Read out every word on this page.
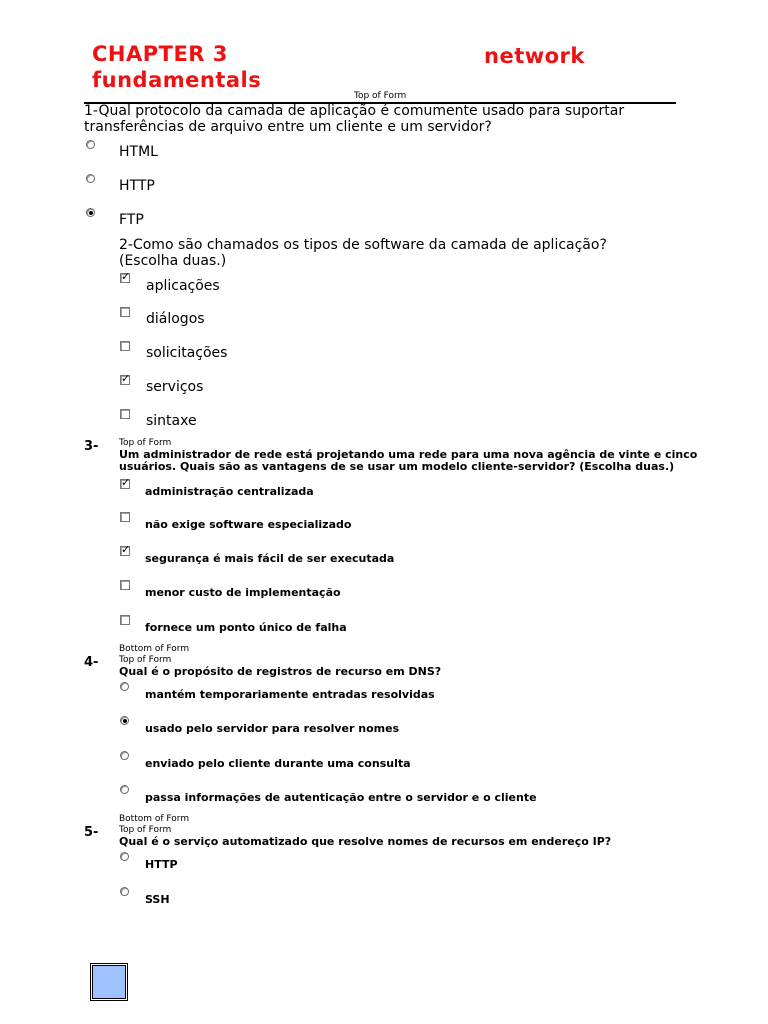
CHAPTER 3	network
fundamentals
Top of Form
1-Qual protocolo da camada de aplicação é comumente usado para suportar transferências de arquivo entre um cliente e um servidor?
HTML
HTTP
FTP
2-Como são chamados os tipos de software da camada de aplicação? (Escolha duas.)
✓
aplicações
diálogos
solicitações
✓
serviços
sintaxe
3- Top of Form
Um administrador de rede está projetando uma rede para uma nova agência de vinte e cinco
usuários. Quais são as vantagens de se usar um modelo cliente-servidor? (Escolha duas.)
✓
administração centralizada
não exige software especializado
✓
segurança é mais fácil de ser executada
menor custo de implementação
fornece um ponto único de falha
Bottom of Form
4- Top of Form
Qual é o propósito de registros de recurso em DNS?
mantém temporariamente entradas resolvidas
usado pelo servidor para resolver nomes
enviado pelo cliente durante uma consulta
passa informações de autenticação entre o servidor e o cliente
Bottom of Form
5- Top of Form
Qual é o serviço automatizado que resolve nomes de recursos em endereço IP?
HTTP
SSH
